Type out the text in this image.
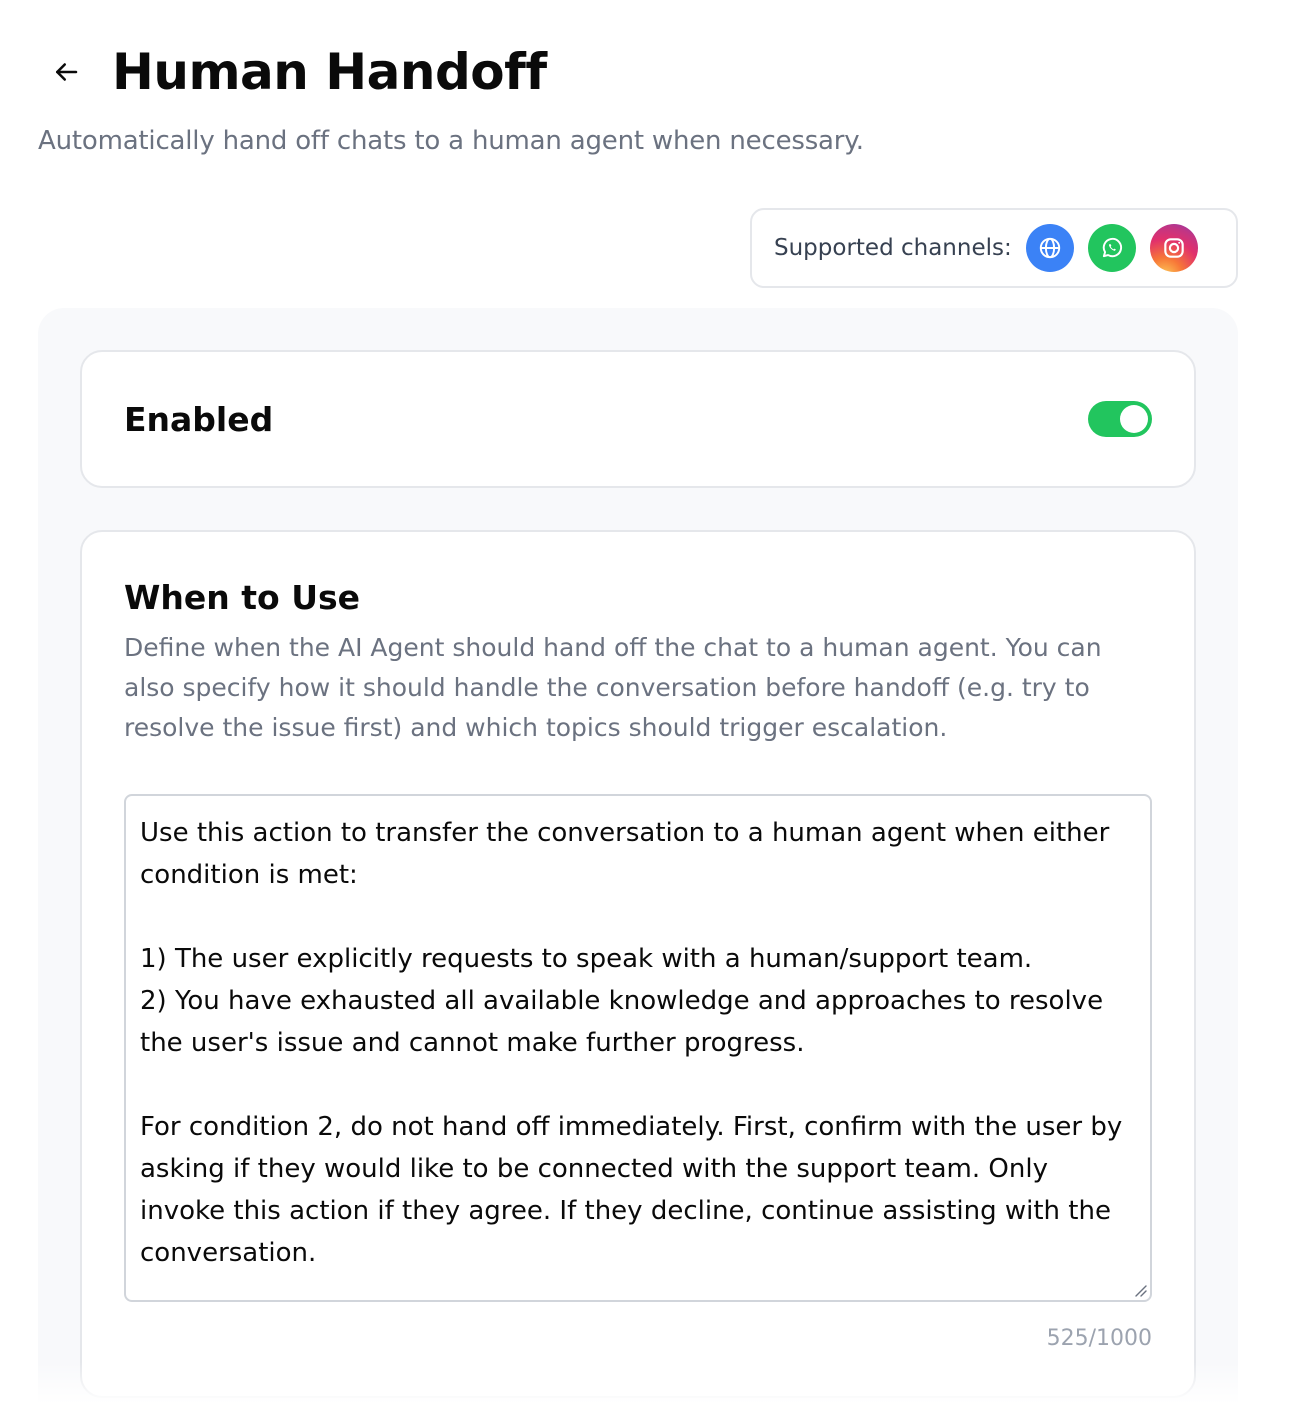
Human Handoff

Automatically hand off chats to a human agent when necessary.

Supported channels:
Enabled
When to Use

Define when the AI Agent should hand off the chat to a human agent. You can also specify how it should handle the conversation before handoff (e.g. try to resolve the issue first) and which topics should trigger escalation.

Use this action to transfer the conversation to a human agent when either condition is met: 1) The user explicitly requests to speak with a human/support team. 2) You have exhausted all available knowledge and approaches to resolve the user's issue and cannot make further progress. For condition 2, do not hand off immediately. First, confirm with the user by asking if they would like to be connected with the support team. Only invoke this action if they agree. If they decline, continue assisting with the conversation.
525/1000
